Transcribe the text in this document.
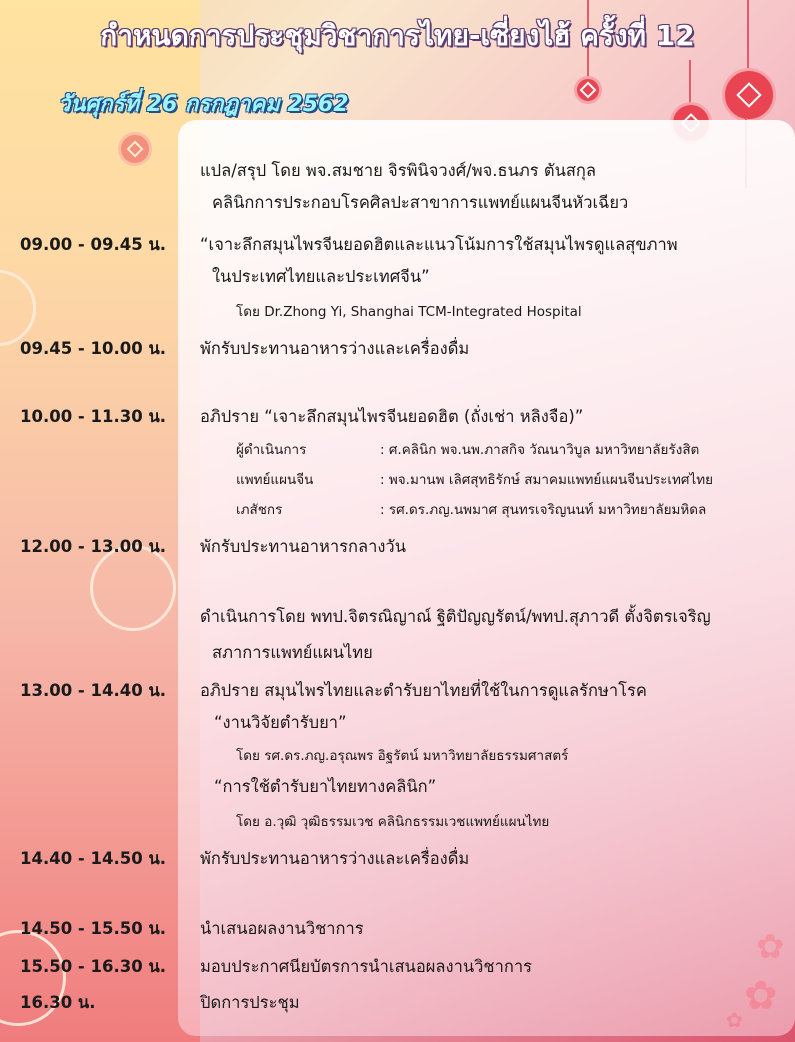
กำหนดการประชุมวิชาการไทย-เซี่ยงไฮ้ ครั้งที่ 12
วันศุกร์ที่ 26 กรกฎาคม 2562
แปล/สรุป โดย พจ.สมชาย จิรพินิจวงศ์/พจ.ธนภร ตันสกุล
คลินิกการประกอบโรคศิลปะสาขาการแพทย์แผนจีนหัวเฉียว
09.00 - 09.45 น. “เจาะลึกสมุนไพรจีนยอดฮิตและแนวโน้มการใช้สมุนไพรดูแลสุขภาพ
ในประเทศไทยและประเทศจีน”
โดย Dr.Zhong Yi, Shanghai TCM-Integrated Hospital
09.45 - 10.00 น. พักรับประทานอาหารว่างและเครื่องดื่ม
10.00 - 11.30 น. อภิปราย “เจาะลึกสมุนไพรจีนยอดฮิต (ถั่งเช่า หลิงจือ)”
ผู้ดำเนินการ	: ศ.คลินิก พจ.นพ.ภาสกิจ วัณนาวิบูล มหาวิทยาลัยรังสิต
แพทย์แผนจีน	: พจ.มานพ เลิศสุทธิรักษ์ สมาคมแพทย์แผนจีนประเทศไทย
เภสัชกร	: รศ.ดร.ภญ.นพมาศ สุนทรเจริญนนท์ มหาวิทยาลัยมหิดล
12.00 - 13.00 น. พักรับประทานอาหารกลางวัน
ดำเนินการโดย พทป.จิตรณิญาณ์ ฐิติปัญญรัตน์/พทป.สุภาวดี ตั้งจิตรเจริญ
สภาการแพทย์แผนไทย
13.00 - 14.40 น. อภิปราย สมุนไพรไทยและตำรับยาไทยที่ใช้ในการดูแลรักษาโรค
“งานวิจัยตำรับยา”
โดย รศ.ดร.ภญ.อรุณพร อิฐรัตน์ มหาวิทยาลัยธรรมศาสตร์
“การใช้ตำรับยาไทยทางคลินิก”
โดย อ.วุฒิ วุฒิธรรมเวช คลินิกธรรมเวชแพทย์แผนไทย
14.40 - 14.50 น. พักรับประทานอาหารว่างและเครื่องดื่ม
14.50 - 15.50 น. นำเสนอผลงานวิชาการ
15.50 - 16.30 น. มอบประกาศนียบัตรการนำเสนอผลงานวิชาการ
16.30 น.	ปิดการประชุม
